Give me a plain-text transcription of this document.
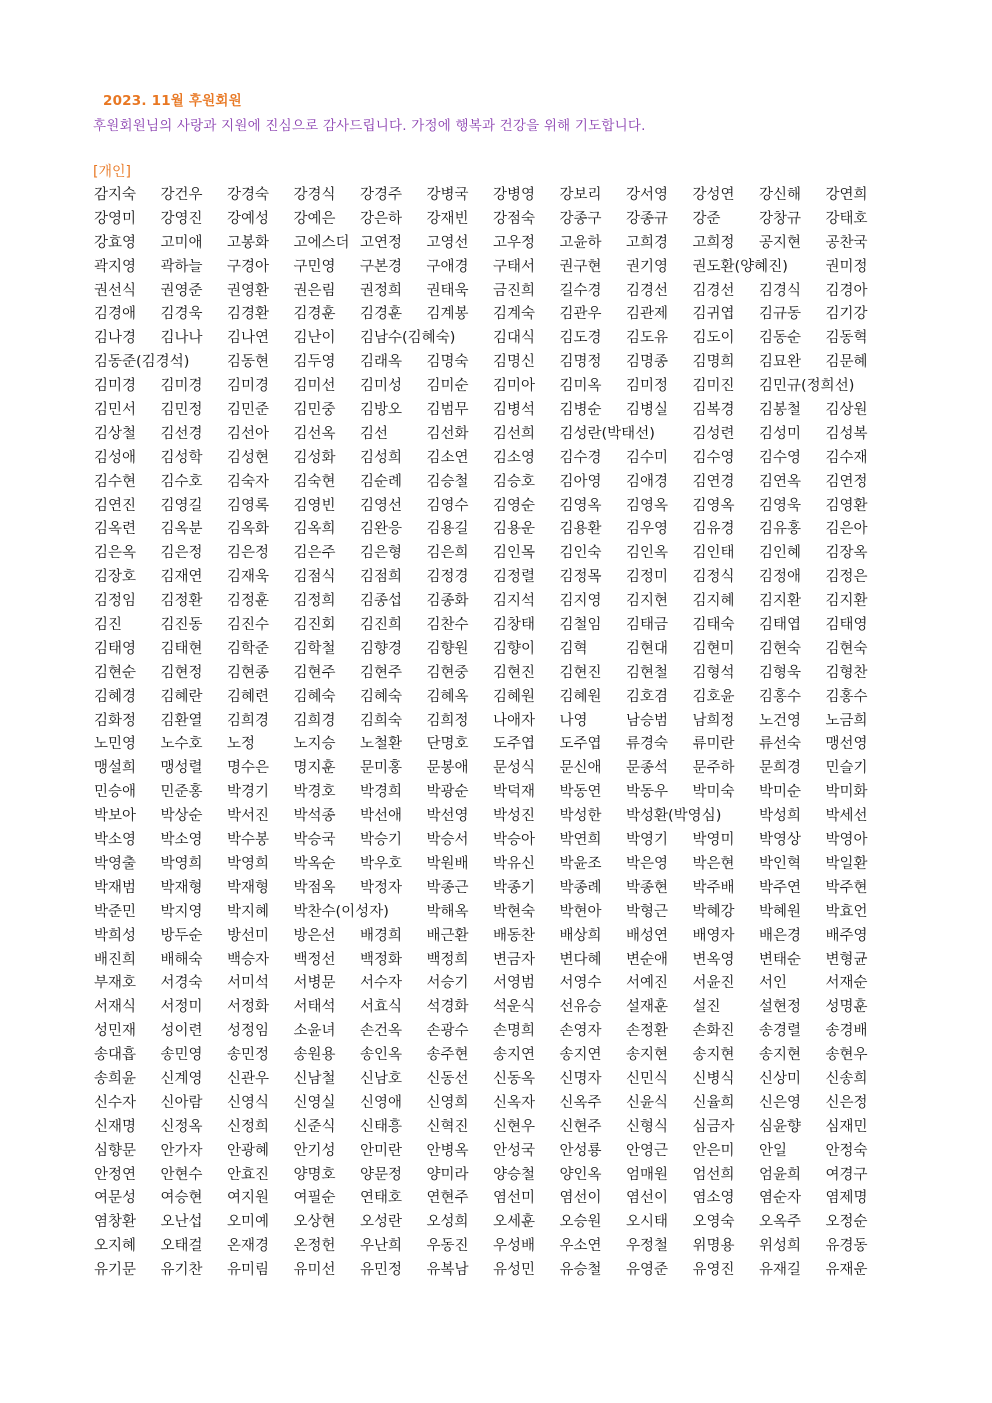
2023. 11월 후원회원
후원회원님의 사랑과 지원에 진심으로 감사드립니다. 가정에 행복과 건강을 위해 기도합니다.
[개인]
감지숙	강건우	강경숙	강경식	강경주	강병국	강병영	강보리	강서영	강성연	강신해	강연희
강영미	강영진	강예성	강예은	강은하	강재빈	강점숙	강종구	강종규	강준	강창규	강태호
강효영	고미애	고봉화	고에스더 고연정	고영선	고우정	고윤하	고희경	고희정	공지현	공찬국
곽지영	곽하늘	구경아	구민영	구본경	구애경	구태서	권구현	권기영	권도환(양혜진)	권미정
권선식	권영준	권영환	권은림	권정희	권태욱	금진희	길수경	김경선	김경선	김경식	김경아
김경애	김경욱	김경환	김경훈	김경훈	김계봉	김계숙	김관우	김관제	김귀엽	김규동	김기강
김나경	김나나	김나연	김난이	김남수(김혜숙)	김대식	김도경	김도유	김도이	김동순	김동혁
김동준(김경석)	김동현	김두영	김래옥	김명숙	김명신	김명정	김명종	김명희	김묘완	김문혜
김미경	김미경	김미경	김미선	김미성	김미순	김미아	김미옥	김미정	김미진	김민규(정희선)
김민서	김민정	김민준	김민중	김방오	김범무	김병석	김병순	김병실	김복경	김봉철	김상원
김상철	김선경	김선아	김선옥	김선	김선화	김선희	김성란(박태선)	김성련	김성미	김성복
김성애	김성학	김성현	김성화	김성희	김소연	김소영	김수경	김수미	김수영	김수영	김수재
김수현	김수호	김숙자	김숙현	김순례	김승철	김승호	김아영	김애경	김연경	김연옥	김연정
김연진	김영길	김영록	김영빈	김영선	김영수	김영순	김영옥	김영옥	김영옥	김영욱	김영환
김옥련	김옥분	김옥화	김옥희	김완응	김용길	김용운	김용환	김우영	김유경	김유홍	김은아
김은옥	김은정	김은정	김은주	김은형	김은희	김인목	김인숙	김인옥	김인태	김인혜	김장옥
김장호	김재연	김재욱	김점식	김점희	김정경	김정렬	김정목	김정미	김정식	김정애	김정은
김정임	김정환	김정훈	김정희	김종섭	김종화	김지석	김지영	김지현	김지혜	김지환	김지환
김진	김진동	김진수	김진회	김진희	김찬수	김창태	김철임	김태금	김태숙	김태엽	김태영
김태영	김태현	김학준	김학철	김향경	김향원	김향이	김혁	김현대	김현미	김현숙	김현숙
김현순	김현정	김현종	김현주	김현주	김현중	김현진	김현진	김현철	김형석	김형욱	김형찬
김혜경	김혜란	김혜련	김혜숙	김혜숙	김혜옥	김혜원	김혜원	김호겸	김호윤	김홍수	김홍수
김화정	김환열	김희경	김희경	김희숙	김희정	나애자	나영	남승범	남희정	노건영	노금희
노민영	노수호	노정	노지승	노철환	단명호	도주엽	도주엽	류경숙	류미란	류선숙	맹선영
맹설희	맹성렬	명수은	명지훈	문미홍	문봉애	문성식	문신애	문종석	문주하	문희경	민슬기
민승애	민준홍	박경기	박경호	박경희	박광순	박덕재	박동연	박동우	박미숙	박미순	박미화
박보아	박상순	박서진	박석종	박선애	박선영	박성진	박성한	박성환(박영심)	박성희	박세선
박소영	박소영	박수봉	박승국	박승기	박승서	박승아	박연희	박영기	박영미	박영상	박영아
박영출	박영희	박영희	박옥순	박우호	박원배	박유신	박윤조	박은영	박은현	박인혁	박일환
박재범	박재형	박재형	박점옥	박정자	박종근	박종기	박종례	박종현	박주배	박주연	박주현
박준민	박지영	박지혜	박찬수(이성자)	박해옥	박현숙	박현아	박형근	박혜강	박혜원	박효언
박희성	방두순	방선미	방은선	배경희	배근환	배동찬	배상희	배성연	배영자	배은경	배주영
배진희	배해숙	백승자	백정선	백정화	백정희	변금자	변다혜	변순애	변옥영	변태순	변형균
부재호	서경숙	서미석	서병문	서수자	서승기	서영범	서영수	서예진	서윤진	서인	서재순
서재식	서정미	서정화	서태석	서효식	석경화	석운식	선유승	설재훈	설진	설현정	성명훈
성민재	성이련	성정임	소윤녀	손건옥	손광수	손명희	손영자	손정환	손화진	송경렬	송경배
송대흡	송민영	송민정	송원용	송인옥	송주현	송지연	송지연	송지현	송지현	송지현	송현우
송희윤	신계영	신관우	신남철	신남호	신동선	신동옥	신명자	신민식	신병식	신상미	신송희
신수자	신아람	신영식	신영실	신영애	신영희	신옥자	신옥주	신윤식	신율희	신은영	신은정
신재명	신정옥	신정희	신준식	신태흥	신혁진	신현우	신현주	신형식	심금자	심윤향	심재민
심향문	안가자	안광혜	안기성	안미란	안병옥	안성국	안성룡	안영근	안은미	안일	안정숙
안정연	안현수	안효진	양명호	양문정	양미라	양승철	양인옥	엄매원	엄선희	엄윤희	여경구
여문성	여승현	여지원	여필순	연태호	연현주	염선미	염선이	염선이	염소영	염순자	염제명
염창환	오난섭	오미예	오상현	오성란	오성희	오세훈	오승원	오시태	오영숙	오옥주	오정순
오지혜	오태걸	온재경	온정헌	우난희	우동진	우성배	우소연	우정철	위명용	위성희	유경동
유기문	유기찬	유미림	유미선	유민정	유복남	유성민	유승철	유영준	유영진	유재길	유재운
